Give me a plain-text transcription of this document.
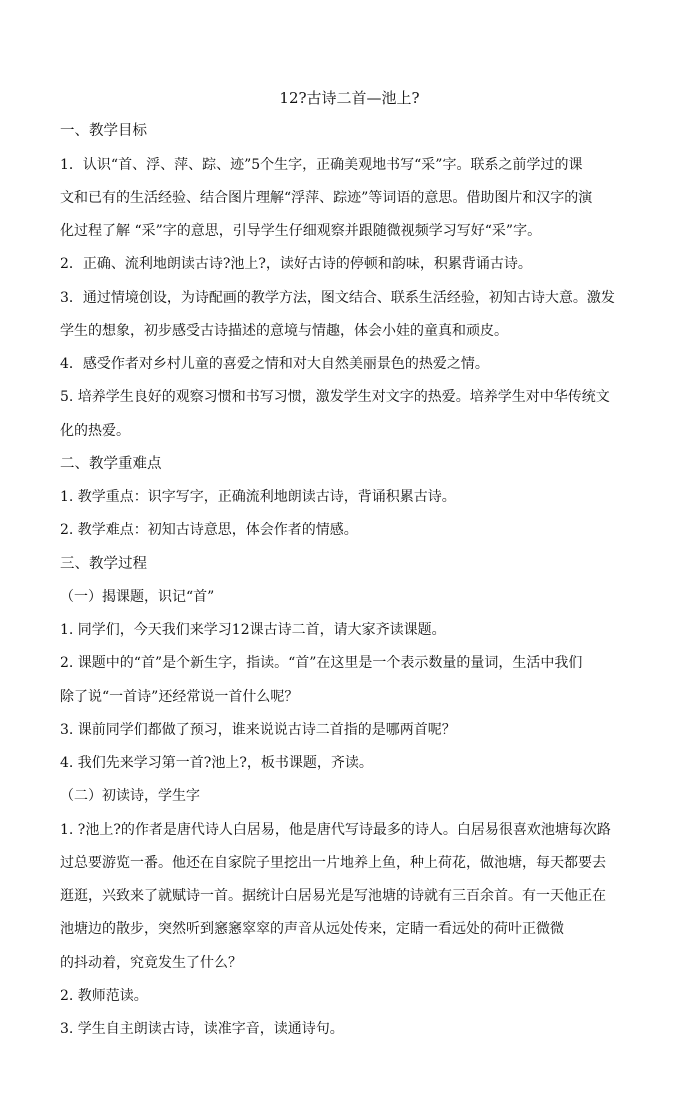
12?古诗二首—池上?
一、教学目标
1．认识“首、浮、萍、踪、迹”5个生字，正确美观地书写“采”字。联系之前学过的课
文和已有的生活经验、结合图片理解“浮萍、踪迹”等词语的意思。借助图片和汉字的演
化过程了解 “采”字的意思，引导学生仔细观察并跟随微视频学习写好“采”字。
2．正确、流利地朗读古诗?池上?，读好古诗的停顿和韵味，积累背诵古诗。
3．通过情境创设，为诗配画的教学方法，图文结合、联系生活经验，初知古诗大意。激发
学生的想象，初步感受古诗描述的意境与情趣，体会小娃的童真和顽皮。
4．感受作者对乡村儿童的喜爱之情和对大自然美丽景色的热爱之情。
5. 培养学生良好的观察习惯和书写习惯，激发学生对文字的热爱。培养学生对中华传统文
化的热爱。
二、教学重难点
1. 教学重点：识字写字，正确流利地朗读古诗，背诵积累古诗。
2. 教学难点：初知古诗意思，体会作者的情感。
三、教学过程
（一）揭课题，识记“首”
1. 同学们，今天我们来学习12课古诗二首，请大家齐读课题。
2. 课题中的“首”是个新生字，指读。“首”在这里是一个表示数量的量词，生活中我们
除了说“一首诗”还经常说一首什么呢？
3. 课前同学们都做了预习，谁来说说古诗二首指的是哪两首呢？
4. 我们先来学习第一首?池上?，板书课题，齐读。
（二）初读诗，学生字
1. ?池上?的作者是唐代诗人白居易，他是唐代写诗最多的诗人。白居易很喜欢池塘每次路
过总要游览一番。他还在自家院子里挖出一片地养上鱼，种上荷花，做池塘，每天都要去
逛逛，兴致来了就赋诗一首。据统计白居易光是写池塘的诗就有三百余首。有一天他正在
池塘边的散步，突然听到窸窸窣窣的声音从远处传来，定睛一看远处的荷叶正微微
的抖动着，究竟发生了什么？
2. 教师范读。
3. 学生自主朗读古诗，读准字音，读通诗句。
